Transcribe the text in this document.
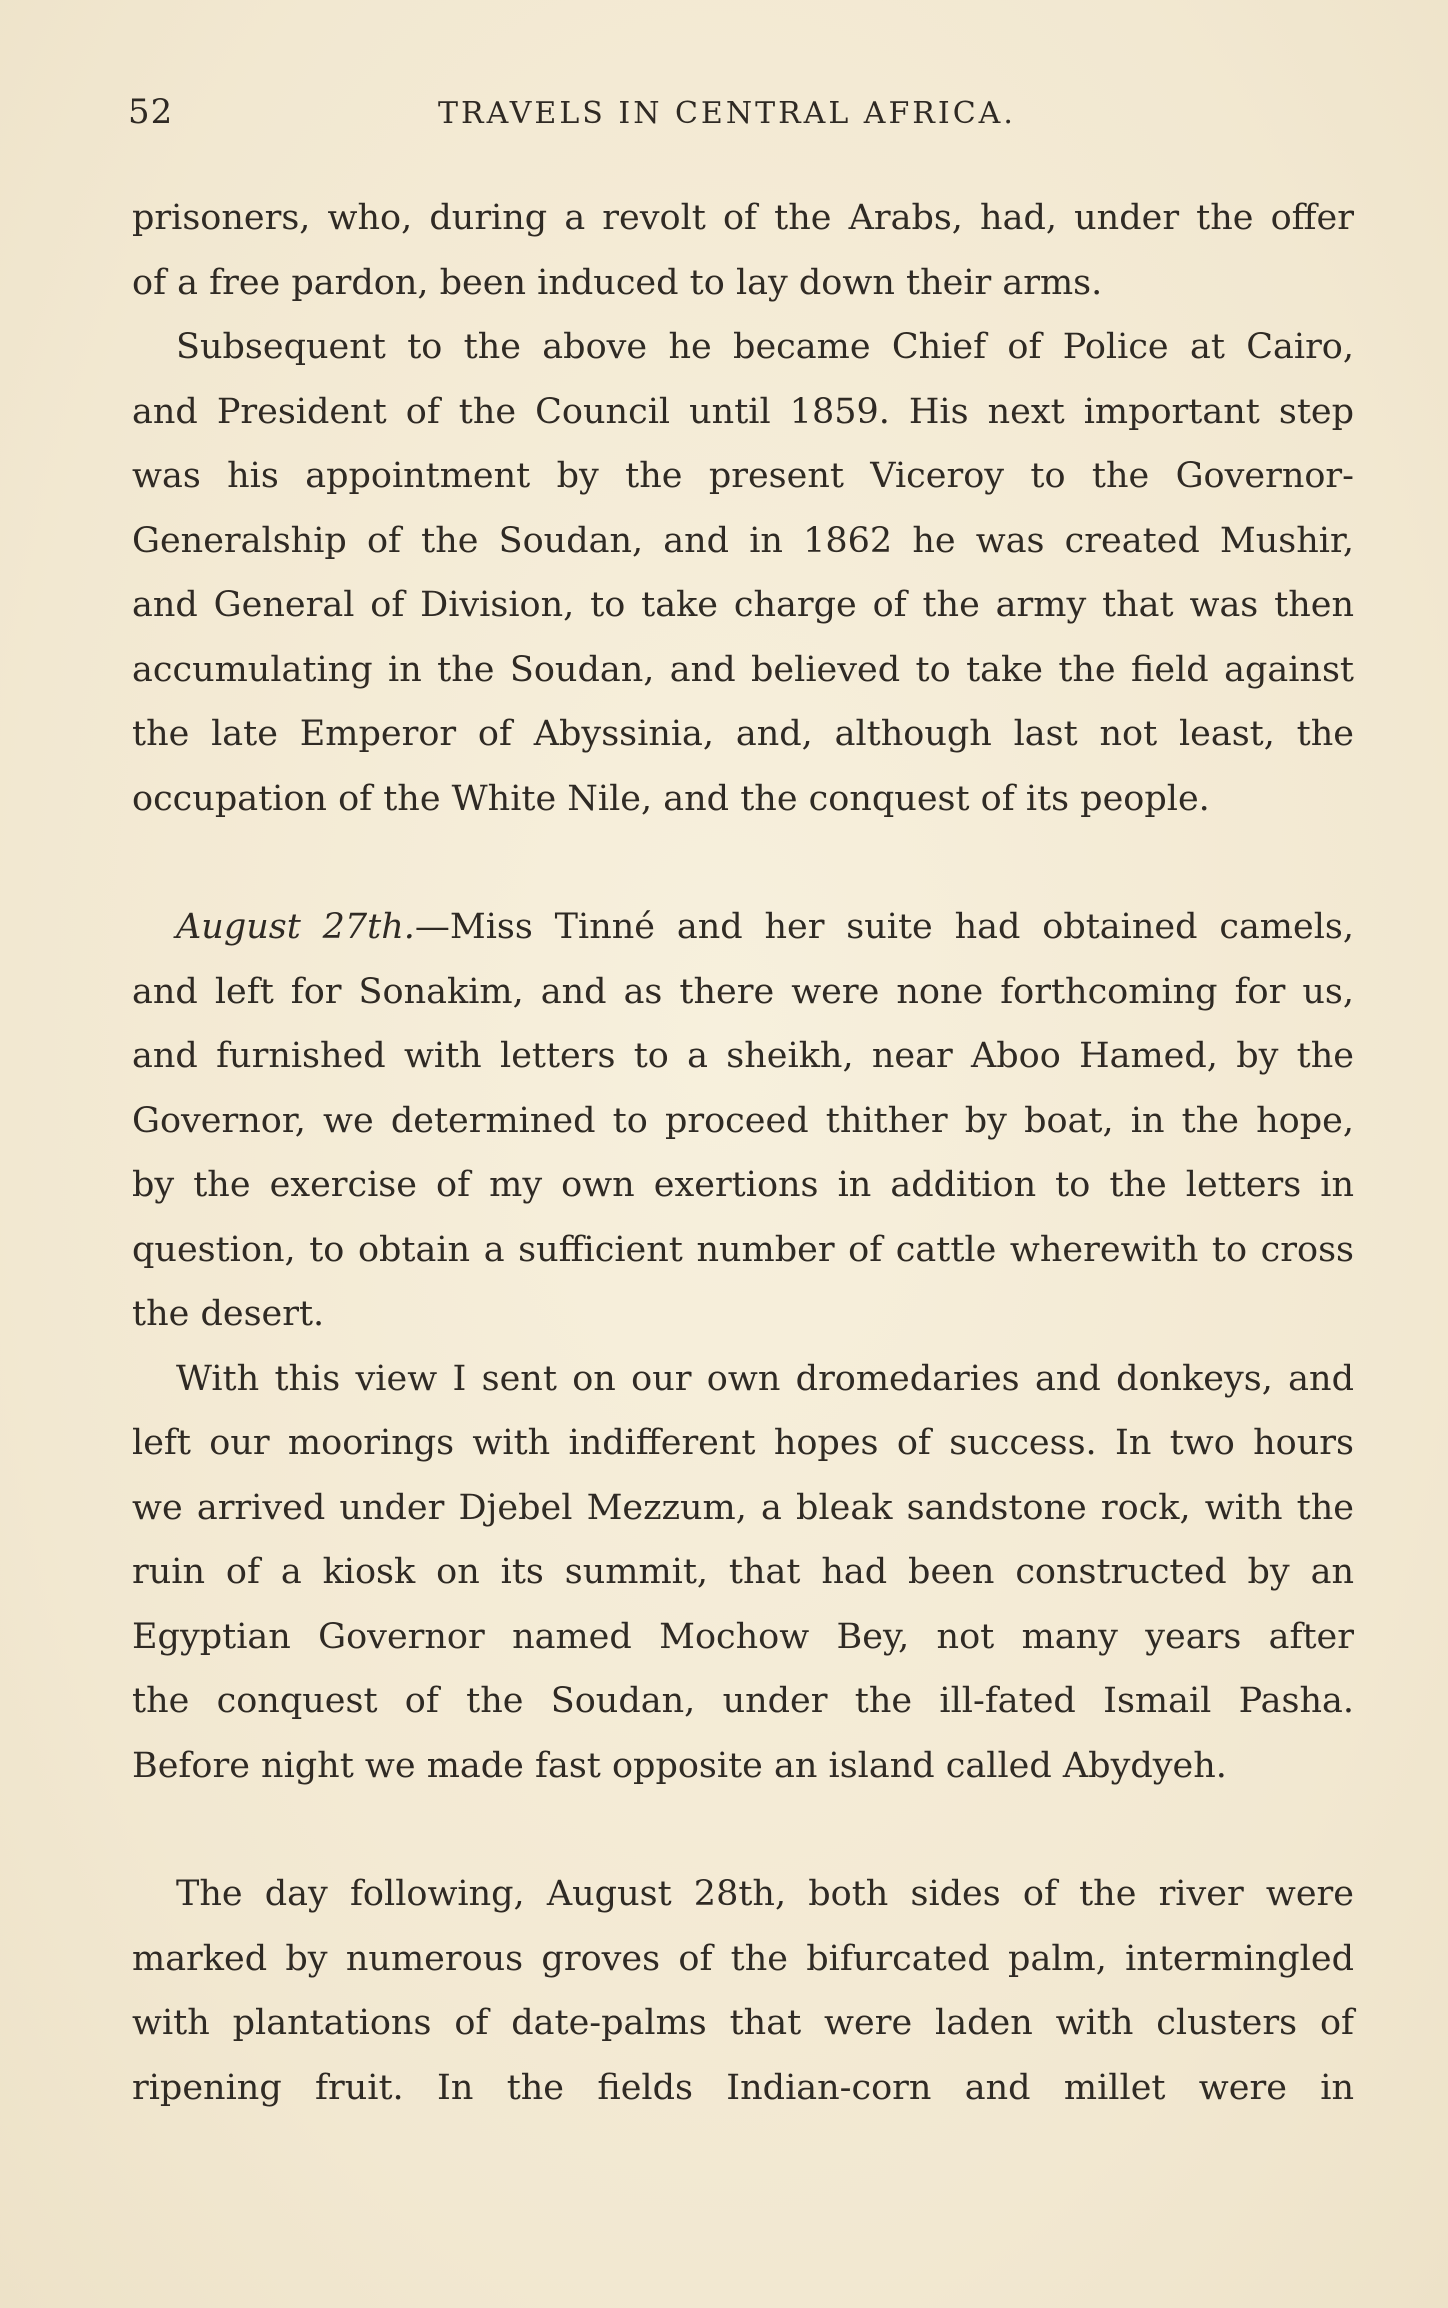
52	TRAVELS IN CENTRAL AFRICA.
prisoners, who, during a revolt of the Arabs, had, under the offer
of a free pardon, been induced to lay down their arms.
Subsequent to the above he became Chief of Police at Cairo,
and President of the Council until 1859. His next important step
was his appointment by the present Viceroy to the Governor-
Generalship of the Soudan, and in 1862 he was created Mushir,
and General of Division, to take charge of the army that was then
accumulating in the Soudan, and believed to take the field against
the late Emperor of Abyssinia, and, although last not least, the
occupation of the White Nile, and the conquest of its people.
August 27th.—Miss Tinné and her suite had obtained camels,
and left for Sonakim, and as there were none forthcoming for us,
and furnished with letters to a sheikh, near Aboo Hamed, by the
Governor, we determined to proceed thither by boat, in the hope,
by the exercise of my own exertions in addition to the letters in
question, to obtain a sufficient number of cattle wherewith to cross
the desert.
With this view I sent on our own dromedaries and donkeys, and
left our moorings with indifferent hopes of success. In two hours
we arrived under Djebel Mezzum, a bleak sandstone rock, with the
ruin of a kiosk on its summit, that had been constructed by an
Egyptian Governor named Mochow Bey, not many years after
the conquest of the Soudan, under the ill-fated Ismail Pasha.
Before night we made fast opposite an island called Abydyeh.
The day following, August 28th, both sides of the river were
marked by numerous groves of the bifurcated palm, intermingled
with plantations of date-palms that were laden with clusters of
ripening fruit. In the fields Indian-corn and millet were in
